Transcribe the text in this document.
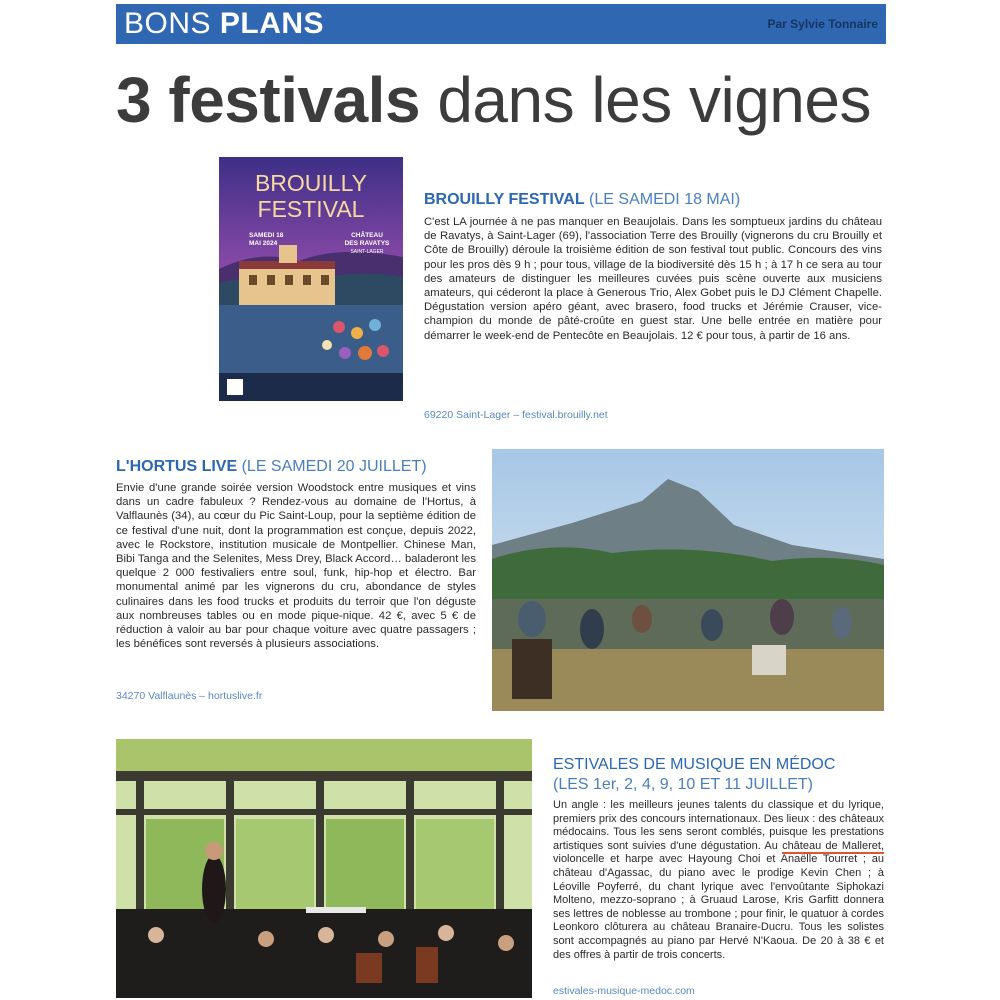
BONS PLANS	Par Sylvie Tonnaire
3 festivals dans les vignes
BROUILLY
FESTIVAL
SAMEDI 18
MAI 2024
CHÂTEAU
DES RAVATYS
SAINT-LAGER
BROUILLY FESTIVAL (LE SAMEDI 18 MAI)
C'est LA journée à ne pas manquer en Beaujolais. Dans les somptueux jardins du château de Ravatys, à Saint-Lager (69), l'association Terre des Brouilly (vignerons du cru Brouilly et Côte de Brouilly) déroule la troisième édition de son festival tout public. Concours des vins pour les pros dès 9 h ; pour tous, village de la biodiversité dès 15 h ; à 17 h ce sera au tour des amateurs de distinguer les meilleures cuvées puis scène ouverte aux musiciens amateurs, qui céderont la place à Generous Trio, Alex Gobet puis le DJ Clément Chapelle. Dégustation version apéro géant, avec brasero, food trucks et Jérémie Crauser, vice-champion du monde de pâté-croûte en guest star. Une belle entrée en matière pour démarrer le week-end de Pentecôte en Beaujolais. 12 € pour tous, à partir de 16 ans.
69220 Saint-Lager – festival.brouilly.net
L'HORTUS LIVE (LE SAMEDI 20 JUILLET)
Envie d'une grande soirée version Woodstock entre musiques et vins dans un cadre fabuleux ? Rendez-vous au domaine de l'Hortus, à Valflaunès (34), au cœur du Pic Saint-Loup, pour la septième édition de ce festival d'une nuit, dont la programmation est conçue, depuis 2022, avec le Rockstore, institution musicale de Montpellier. Chinese Man, Bibi Tanga and the Selenites, Mess Drey, Black Accord… baladeront les quelque 2 000 festivaliers entre soul, funk, hip-hop et électro. Bar monumental animé par les vignerons du cru, abondance de styles culinaires dans les food trucks et produits du terroir que l'on déguste aux nombreuses tables ou en mode pique-nique. 42 €, avec 5 € de réduction à valoir au bar pour chaque voiture avec quatre passagers ; les bénéfices sont reversés à plusieurs associations.
34270 Valflaunès – hortuslive.fr
ESTIVALES DE MUSIQUE EN MÉDOC
(LES 1er, 2, 4, 9, 10 ET 11 JUILLET)
Un angle : les meilleurs jeunes talents du classique et du lyrique, premiers prix des concours internationaux. Des lieux : des châteaux médocains. Tous les sens seront comblés, puisque les prestations artistiques sont suivies d'une dégustation. Au château de Malleret, violoncelle et harpe avec Hayoung Choi et Anaëlle Tourret ; au château d'Agassac, du piano avec le prodige Kevin Chen ; à Léoville Poyferré, du chant lyrique avec l'envoûtante Siphokazi Molteno, mezzo-soprano ; à Gruaud Larose, Kris Garfitt donnera ses lettres de noblesse au trombone ; pour finir, le quatuor à cordes Leonkoro clôturera au château Branaire-Ducru. Tous les solistes sont accompagnés au piano par Hervé N'Kaoua. De 20 à 38 € et des offres à partir de trois concerts.
estivales-musique-medoc.com
